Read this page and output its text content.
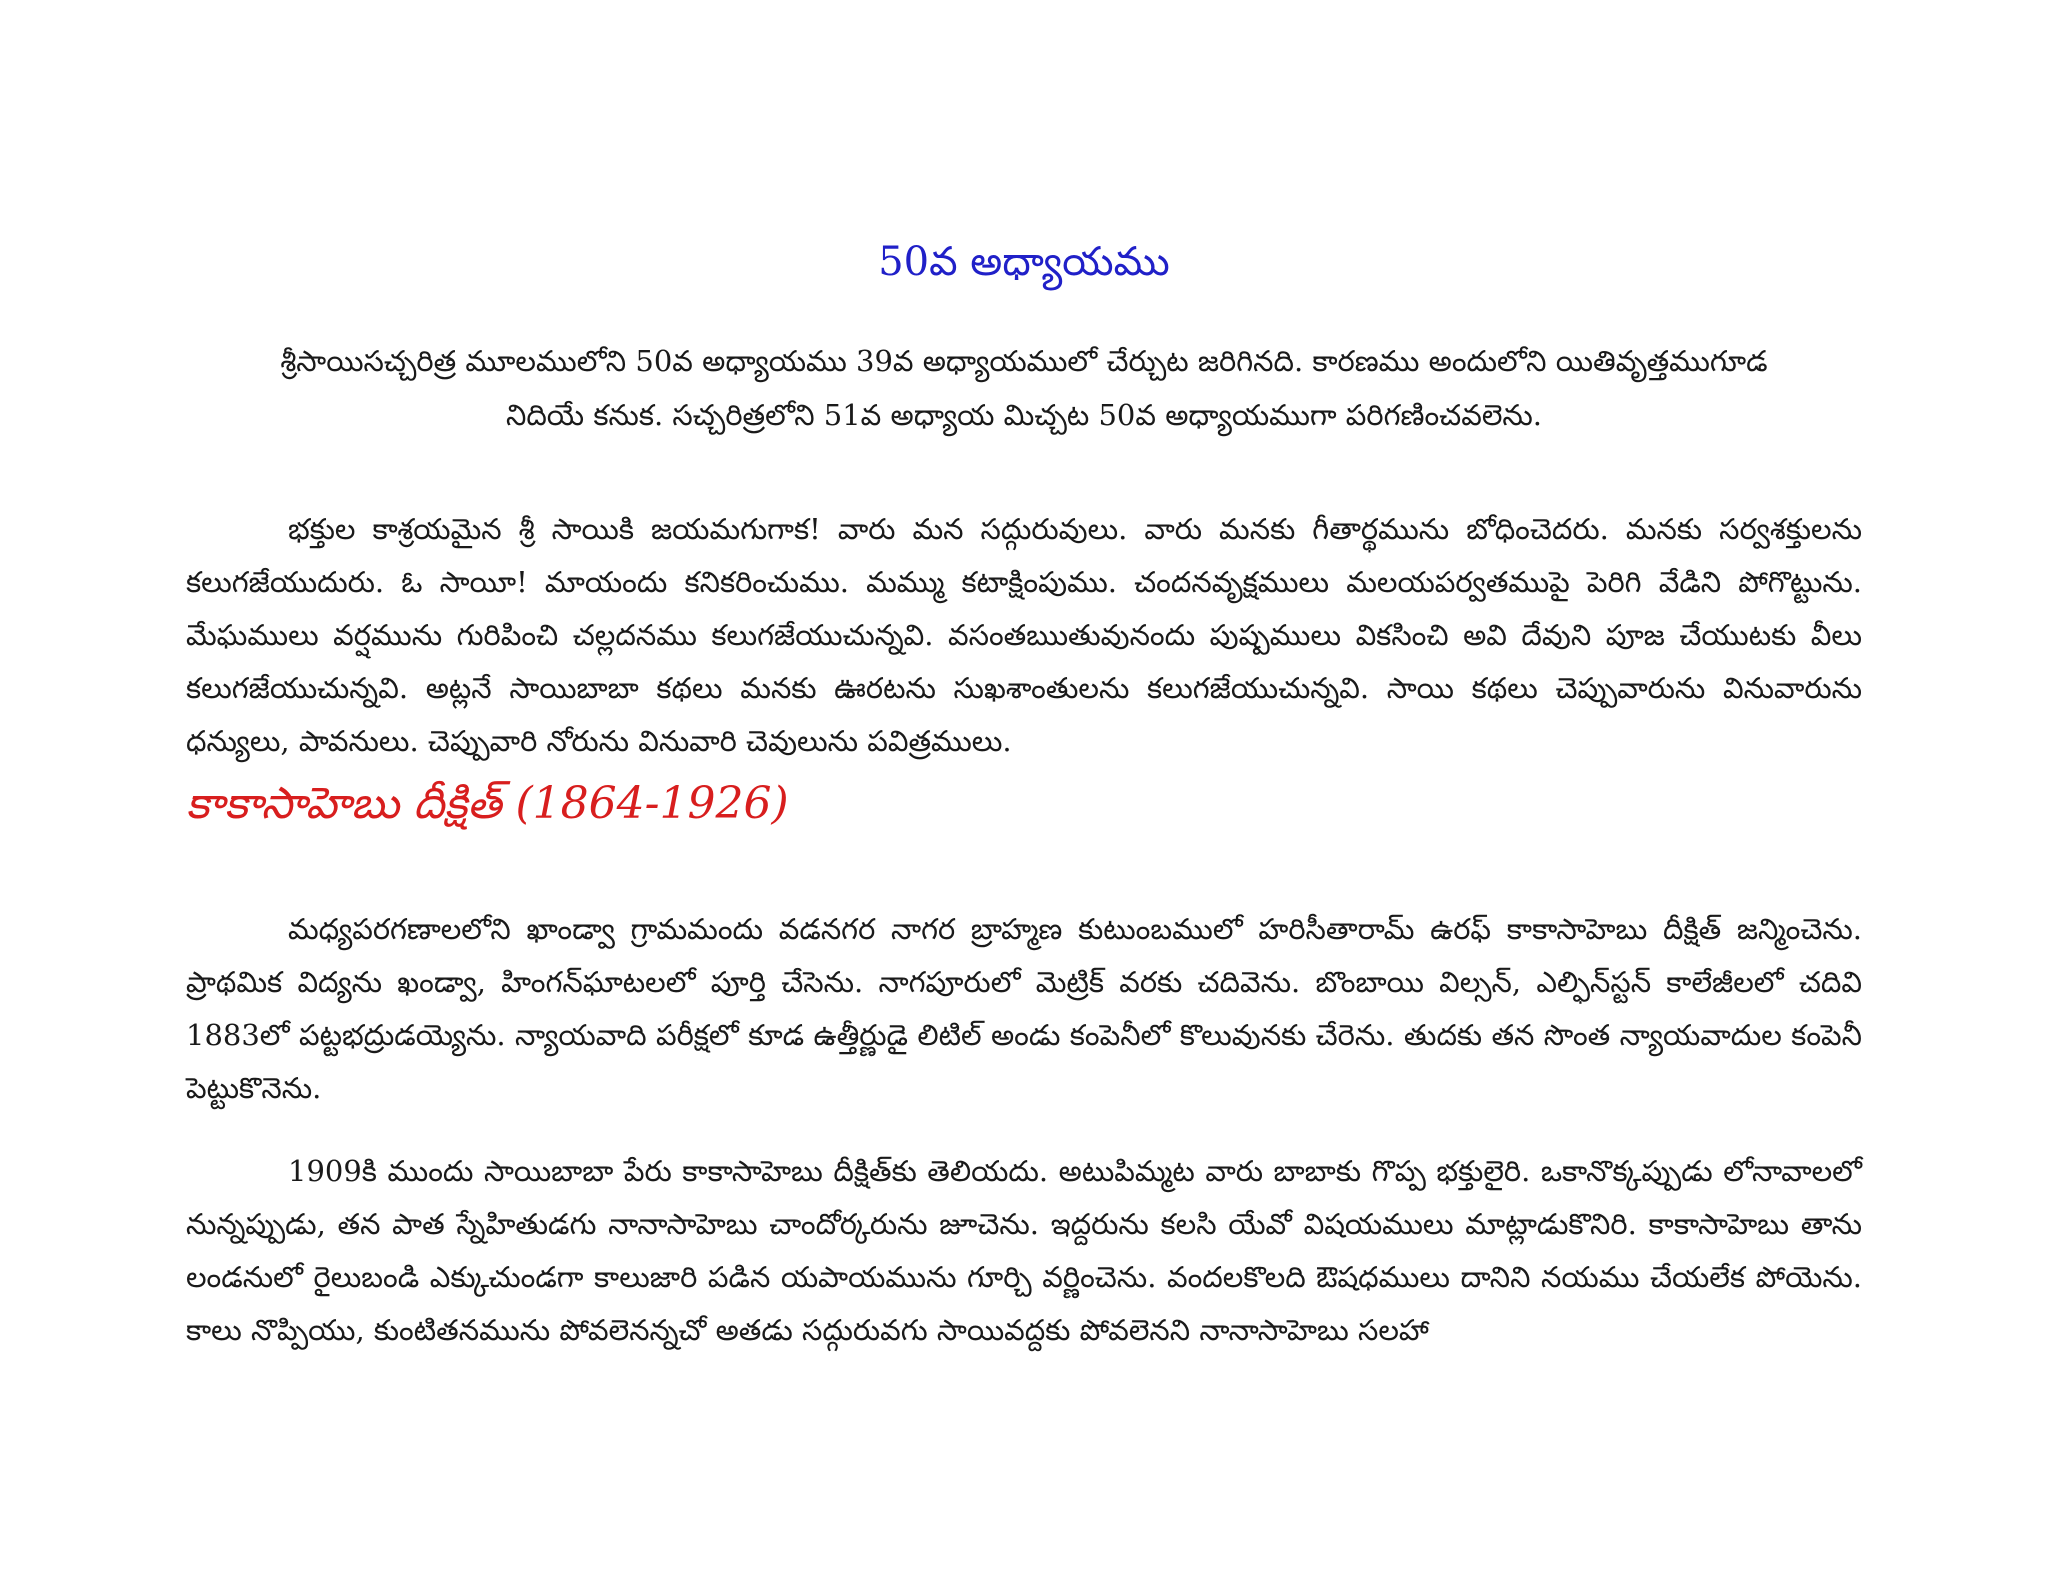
50వ అధ్యాయము
శ్రీసాయిసచ్చరిత్ర మూలములోని 50వ అధ్యాయము 39వ అధ్యాయములో చేర్చుట జరిగినది. కారణము అందులోని యితివృత్తముగూడ
నిదియే కనుక. సచ్చరిత్రలోని 51వ అధ్యాయ మిచ్చట 50వ అధ్యాయముగా పరిగణించవలెను.

భక్తుల కాశ్రయమైన శ్రీ సాయికి జయమగుగాక! వారు మన సద్గురువులు. వారు మనకు గీతార్థమును బోధించెదరు. మనకు సర్వశక్తులను కలుగజేయుదురు. ఓ సాయీ! మాయందు కనికరించుము. మమ్ము కటాక్షింపుము. చందనవృక్షములు మలయపర్వతముపై పెరిగి వేడిని పోగొట్టును. మేఘములు వర్షమును గురిపించి చల్లదనము కలుగజేయుచున్నవి. వసంతఋతువునందు పుష్పములు వికసించి అవి దేవుని పూజ చేయుటకు వీలు కలుగజేయుచున్నవి. అట్లనే సాయిబాబా కథలు మనకు ఊరటను సుఖశాంతులను కలుగజేయుచున్నవి. సాయి కథలు చెప్పువారును వినువారును ధన్యులు, పావనులు. చెప్పువారి నోరును వినువారి చెవులును పవిత్రములు.

కాకాసాహెబు దీక్షిత్ (1864-1926)

మధ్యపరగణాలలోని ఖాండ్వా గ్రామమందు వడనగర నాగర బ్రాహ్మణ కుటుంబములో హరిసీతారామ్ ఉరఫ్ కాకాసాహెబు దీక్షిత్ జన్మించెను. ప్రాథమిక విద్యను ఖండ్వా, హింగన్‌ఘాటలలో పూర్తి చేసెను. నాగపూరులో మెట్రిక్ వరకు చదివెను. బొంబాయి విల్సన్, ఎల్ఫిన్‌స్టన్ కాలేజీలలో చదివి 1883లో పట్టభద్రుడయ్యెను. న్యాయవాది పరీక్షలో కూడ ఉత్తీర్ణుడై లిటిల్ అండు కంపెనీలో కొలువునకు చేరెను. తుదకు తన సొంత న్యాయవాదుల కంపెనీ పెట్టుకొనెను.

1909కి ముందు సాయిబాబా పేరు కాకాసాహెబు దీక్షిత్‌కు తెలియదు. అటుపిమ్మట వారు బాబాకు గొప్ప భక్తులైరి. ఒకానొక్కప్పుడు లోనావాలలో నున్నప్పుడు, తన పాత స్నేహితుడగు నానాసాహెబు చాందోర్కరును జూచెను. ఇద్దరును కలసి యేవో విషయములు మాట్లాడుకొనిరి. కాకాసాహెబు తాను లండనులో రైలుబండి ఎక్కుచుండగా కాలుజారి పడిన యపాయమును గూర్చి వర్ణించెను. వందలకొలది ఔషధములు దానిని నయము చేయలేక పోయెను. కాలు నొప్పియు, కుంటితనమును పోవలెనన్నచో అతడు సద్గురువగు సాయివద్దకు పోవలెనని నానాసాహెబు సలహా
